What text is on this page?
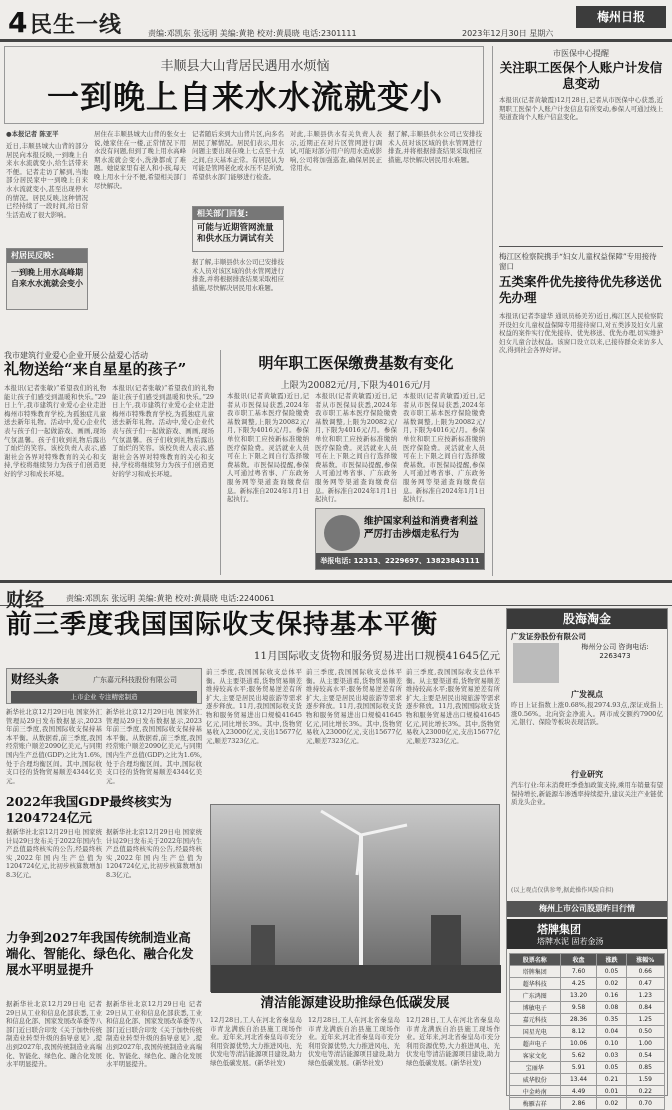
4 民生一线	责编:邓凯东 张远明 美编:黄艳 校对:黄晨晓 电话:2301111	2023年12月30日 星期六
梅州日报
丰顺县大山背居民遇用水烦恼
一到晚上自来水水流就变小
●本报记者 陈亚平
近日,丰顺县城大山背的部分居民向本报反映,一到晚上自来水水流就变小,给生活带来不便。记者走访了解到,当地部分居民家中一到晚上自来水水流就变小,甚至出现停水的情况。居民反映,这种情况已经持续了一段时间,给日常生活造成了很大影响。
村居民反映:
一到晚上用水高峰期自来水水流就会变小
居住在丰顺县城大山背的张女士说,她家住在一楼,正常情况下用水没有问题,但到了晚上用水高峰期水流就会变小,洗澡都成了难题。她说家里有老人和小孩,每天晚上用水十分不便,希望相关部门尽快解决。
记者随后来到大山背片区,向多名居民了解情况。居民们表示,用水问题主要出现在晚上七点至十点之间,白天基本正常。有居民认为可能是管网老化或水压不足所致,希望供水部门能够进行检查。
相关部门回复:
可能与近期管网流量和供水压力调试有关
据了解,丰顺县供水公司已安排技术人员对该区域的供水管网进行排查,并将根据排查结果采取相应措施,尽快解决居民用水难题。
对此,丰顺县供水有关负责人表示,近期正在对片区管网进行调试,可能对部分用户的用水造成影响,公司将加强巡查,确保居民正常用水。
据了解,丰顺县供水公司已安排技术人员对该区域的供水管网进行排查,并将根据排查结果采取相应措施,尽快解决居民用水难题。
市医保中心提醒
关注职工医保个人账户计发信息变动
本报讯(记者黄敏霞)12月28日,记者从市医保中心获悉,近期职工医保个人账户计发信息有所变动,参保人可通过线上渠道查询个人账户信息变化。
梅江区检察院携手“妇女儿童权益保障”专用接待窗口
五类案件优先接待优先移送优先办理
本报讯(记者李建华 通讯员杨美芳)近日,梅江区人民检察院开设妇女儿童权益保障专用接待窗口,对五类涉及妇女儿童权益的案件实行优先接待、优先移送、优先办理,切实维护妇女儿童合法权益。该窗口设立以来,已接待群众来访多人次,得到社会各界好评。
我市建筑行业爱心企业开展公益爱心活动
礼物送给“来自星星的孩子”
本报讯(记者张敏)“希望我们的礼物能让孩子们感受到温暖和快乐。”29日上午,我市建筑行业爱心企业走进梅州市特殊教育学校,为孤独症儿童送去新年礼物。活动中,爱心企业代表与孩子们一起做游戏、画画,现场气氛温馨。孩子们收到礼物后露出了灿烂的笑容。该校负责人表示,感谢社会各界对特殊教育的关心和支持,学校将继续努力为孩子们创造更好的学习和成长环境。
本报讯(记者张敏)“希望我们的礼物能让孩子们感受到温暖和快乐。”29日上午,我市建筑行业爱心企业走进梅州市特殊教育学校,为孤独症儿童送去新年礼物。活动中,爱心企业代表与孩子们一起做游戏、画画,现场气氛温馨。孩子们收到礼物后露出了灿烂的笑容。该校负责人表示,感谢社会各界对特殊教育的关心和支持,学校将继续努力为孩子们创造更好的学习和成长环境。
明年职工医保缴费基数有变化
上限为20082元/月,下限为4016元/月
本报讯(记者黄敏霞)近日,记者从市医保局获悉,2024年我市职工基本医疗保险缴费基数调整,上限为20082元/月,下限为4016元/月。参保单位和职工应按新标准缴纳医疗保险费。灵活就业人员可在上下限之间自行选择缴费基数。市医保局提醒,参保人可通过粤省事、广东政务服务网等渠道查询缴费信息。新标准自2024年1月1日起执行。
本报讯(记者黄敏霞)近日,记者从市医保局获悉,2024年我市职工基本医疗保险缴费基数调整,上限为20082元/月,下限为4016元/月。参保单位和职工应按新标准缴纳医疗保险费。灵活就业人员可在上下限之间自行选择缴费基数。市医保局提醒,参保人可通过粤省事、广东政务服务网等渠道查询缴费信息。新标准自2024年1月1日起执行。
本报讯(记者黄敏霞)近日,记者从市医保局获悉,2024年我市职工基本医疗保险缴费基数调整,上限为20082元/月,下限为4016元/月。参保单位和职工应按新标准缴纳医疗保险费。灵活就业人员可在上下限之间自行选择缴费基数。市医保局提醒,参保人可通过粤省事、广东政务服务网等渠道查询缴费信息。新标准自2024年1月1日起执行。
维护国家利益和消费者利益 严厉打击涉烟走私行为
举报电话: 12313、2229697、13823843111
财经	责编:邓凯东 张远明 美编:黄艳 校对:黄晨晓 电话:2240061
前三季度我国国际收支保持基本平衡
11月国际收支货物和服务贸易进出口规模41645亿元
财经头条	广东嘉元科技股份有限公司
上市企业 专注精密制造
新华社北京12月29日电 国家外汇管理局29日发布数据显示,2023年前三季度,我国国际收支保持基本平衡。从数据看,前三季度,我国经常账户顺差2090亿美元,与同期国内生产总值(GDP)之比为1.6%,处于合理均衡区间。其中,国际收支口径的货物贸易顺差4344亿美元。
新华社北京12月29日电 国家外汇管理局29日发布数据显示,2023年前三季度,我国国际收支保持基本平衡。从数据看,前三季度,我国经常账户顺差2090亿美元,与同期国内生产总值(GDP)之比为1.6%,处于合理均衡区间。其中,国际收支口径的货物贸易顺差4344亿美元。
前三季度,我国国际收支总体平衡。从主要渠道看,货物贸易顺差维持较高水平;服务贸易逆差有所扩大,主要是居民出境旅游等需求逐步释放。11月,我国国际收支货物和服务贸易进出口规模41645亿元,同比增长3%。其中,货物贸易收入23000亿元,支出15677亿元,顺差7323亿元。
前三季度,我国国际收支总体平衡。从主要渠道看,货物贸易顺差维持较高水平;服务贸易逆差有所扩大,主要是居民出境旅游等需求逐步释放。11月,我国国际收支货物和服务贸易进出口规模41645亿元,同比增长3%。其中,货物贸易收入23000亿元,支出15677亿元,顺差7323亿元。
前三季度,我国国际收支总体平衡。从主要渠道看,货物贸易顺差维持较高水平;服务贸易逆差有所扩大,主要是居民出境旅游等需求逐步释放。11月,我国国际收支货物和服务贸易进出口规模41645亿元,同比增长3%。其中,货物贸易收入23000亿元,支出15677亿元,顺差7323亿元。
2022年我国GDP最终核实为1204724亿元
据新华社北京12月29日电 国家统计局29日发布关于2022年国内生产总值最终核实的公告,经最终核实,2022年国内生产总值为1204724亿元,比初步核算数增加8.3亿元。
据新华社北京12月29日电 国家统计局29日发布关于2022年国内生产总值最终核实的公告,经最终核实,2022年国内生产总值为1204724亿元,比初步核算数增加8.3亿元。
力争到2027年我国传统制造业高端化、智能化、绿色化、融合化发展水平明显提升
据新华社北京12月29日电 记者29日从工业和信息化部获悉,工业和信息化部、国家发展改革委等八部门近日联合印发《关于加快传统制造业转型升级的指导意见》,提出到2027年,我国传统制造业高端化、智能化、绿色化、融合化发展水平明显提升。
据新华社北京12月29日电 记者29日从工业和信息化部获悉,工业和信息化部、国家发展改革委等八部门近日联合印发《关于加快传统制造业转型升级的指导意见》,提出到2027年,我国传统制造业高端化、智能化、绿色化、融合化发展水平明显提升。
清洁能源建设助推绿色低碳发展
12月28日,工人在河北省秦皇岛市青龙满族自治县施工现场作业。近年来,河北省秦皇岛市充分利用资源优势,大力推进风电、光伏发电等清洁能源项目建设,助力绿色低碳发展。(新华社发)
12月28日,工人在河北省秦皇岛市青龙满族自治县施工现场作业。近年来,河北省秦皇岛市充分利用资源优势,大力推进风电、光伏发电等清洁能源项目建设,助力绿色低碳发展。(新华社发)
12月28日,工人在河北省秦皇岛市青龙满族自治县施工现场作业。近年来,河北省秦皇岛市充分利用资源优势,大力推进风电、光伏发电等清洁能源项目建设,助力绿色低碳发展。(新华社发)
股海淘金
广发证券股份有限公司
梅州分公司 咨询电话: 2263473
广发视点
昨日上证指数上涨0.68%,报2974.93点,深证成指上涨0.56%。北向资金净流入。两市成交额约7900亿元,银行、保险等板块表现活跃。
行业研究
汽车行业:年末消费旺季叠加政策支持,乘用车销量有望保持增长,新能源车渗透率持续提升,建议关注产业链优质龙头企业。
(以上观点仅供参考,据此操作风险自担)
梅州上市公司股票昨日行情
塔牌集团
塔牌水泥 固若金汤
股票名称	收盘	涨跌	涨幅%
塔牌集团	7.60	0.05	0.66
超华科技	4.25	0.02	0.47
广东鸿图	13.20	0.16	1.23
博敏电子	9.58	0.08	0.84
嘉元科技	28.36	0.35	1.25
国星光电	8.12	0.04	0.50
超声电子	10.06	0.10	1.00
客家文化	5.62	0.03	0.54
宝丽华	5.91	0.05	0.85
威华股份	13.44	0.21	1.59
中金岭南	4.49	0.01	0.22
梅雁吉祥	2.86	0.02	0.70
